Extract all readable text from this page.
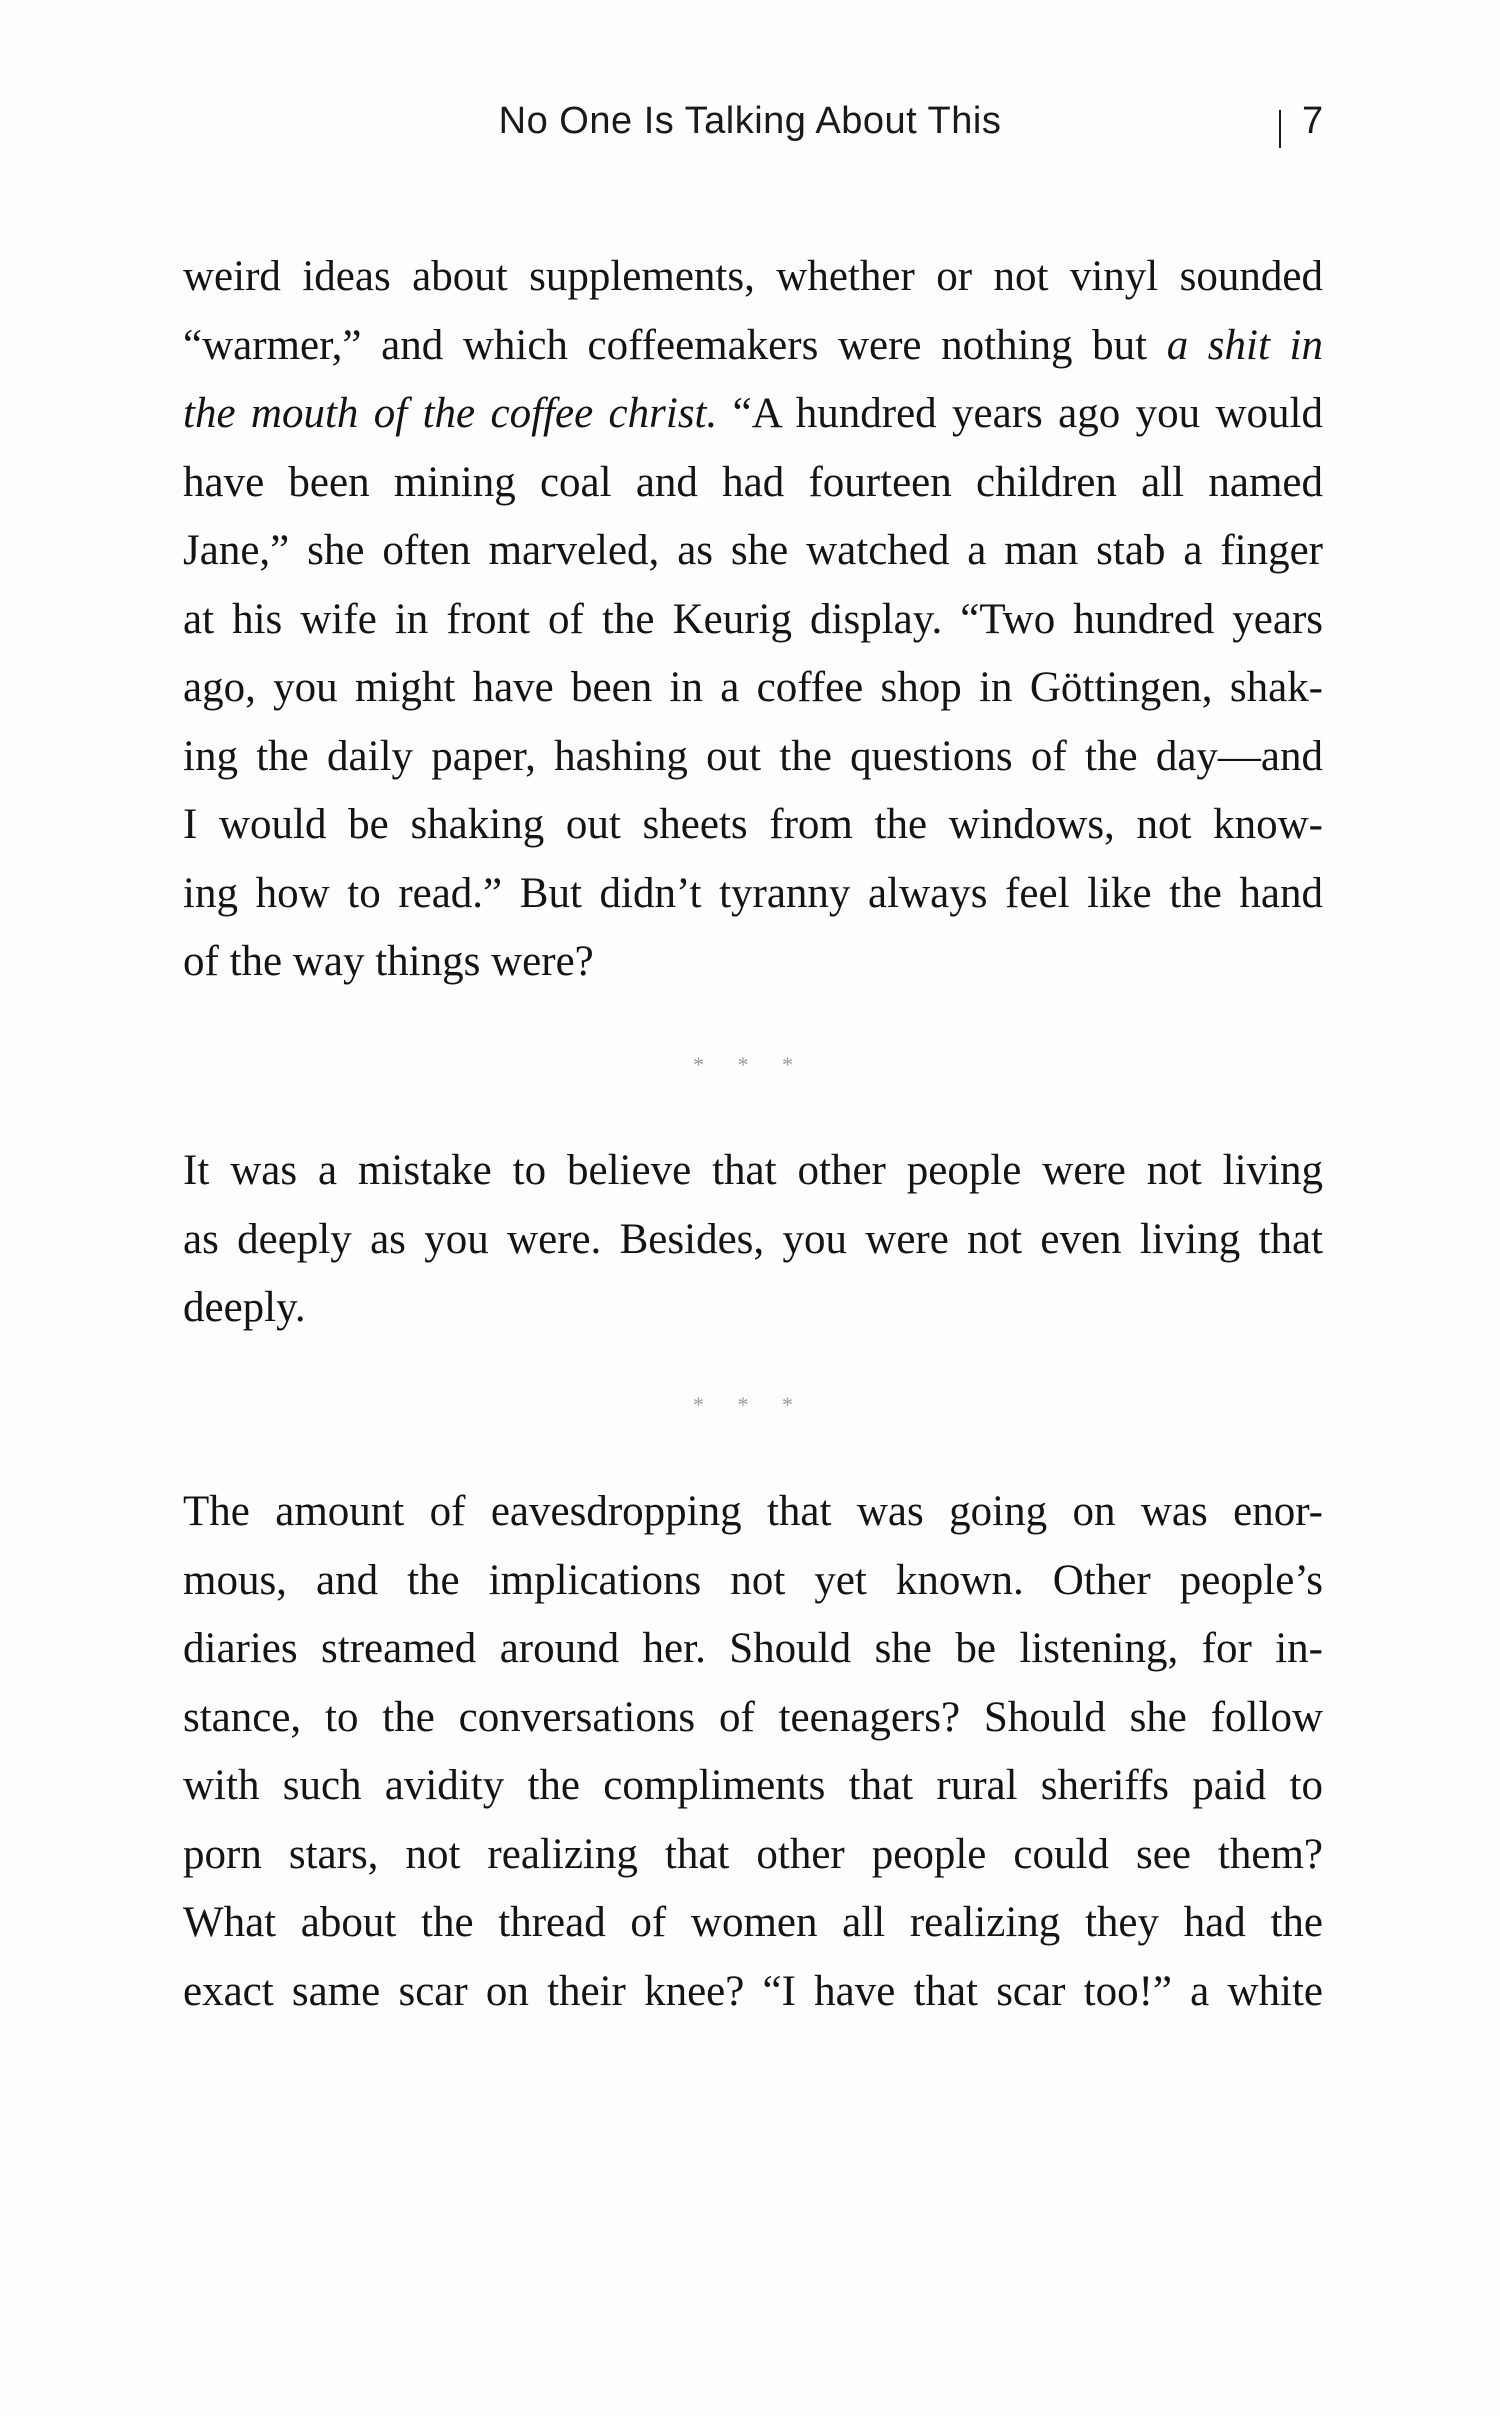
No One Is Talking About This	7
weird ideas about supplements, whether or not vinyl sounded
“warmer,” and which coffeemakers were nothing but a shit in
the mouth of the coffee christ. “A hundred years ago you would
have been mining coal and had fourteen children all named
Jane,” she often marveled, as she watched a man stab a finger
at his wife in front of the Keurig display. “Two hundred years
ago, you might have been in a coffee shop in Göttingen, shak-
ing the daily paper, hashing out the questions of the day—and
I would be shaking out sheets from the windows, not know-
ing how to read.” But didn’t tyranny always feel like the hand
of the way things were?
* * *
It was a mistake to believe that other people were not living
as deeply as you were. Besides, you were not even living that
deeply.
* * *
The amount of eavesdropping that was going on was enor-
mous, and the implications not yet known. Other people’s
diaries streamed around her. Should she be listening, for in-
stance, to the conversations of teenagers? Should she follow
with such avidity the compliments that rural sheriffs paid to
porn stars, not realizing that other people could see them?
What about the thread of women all realizing they had the
exact same scar on their knee? “I have that scar too!” a white
